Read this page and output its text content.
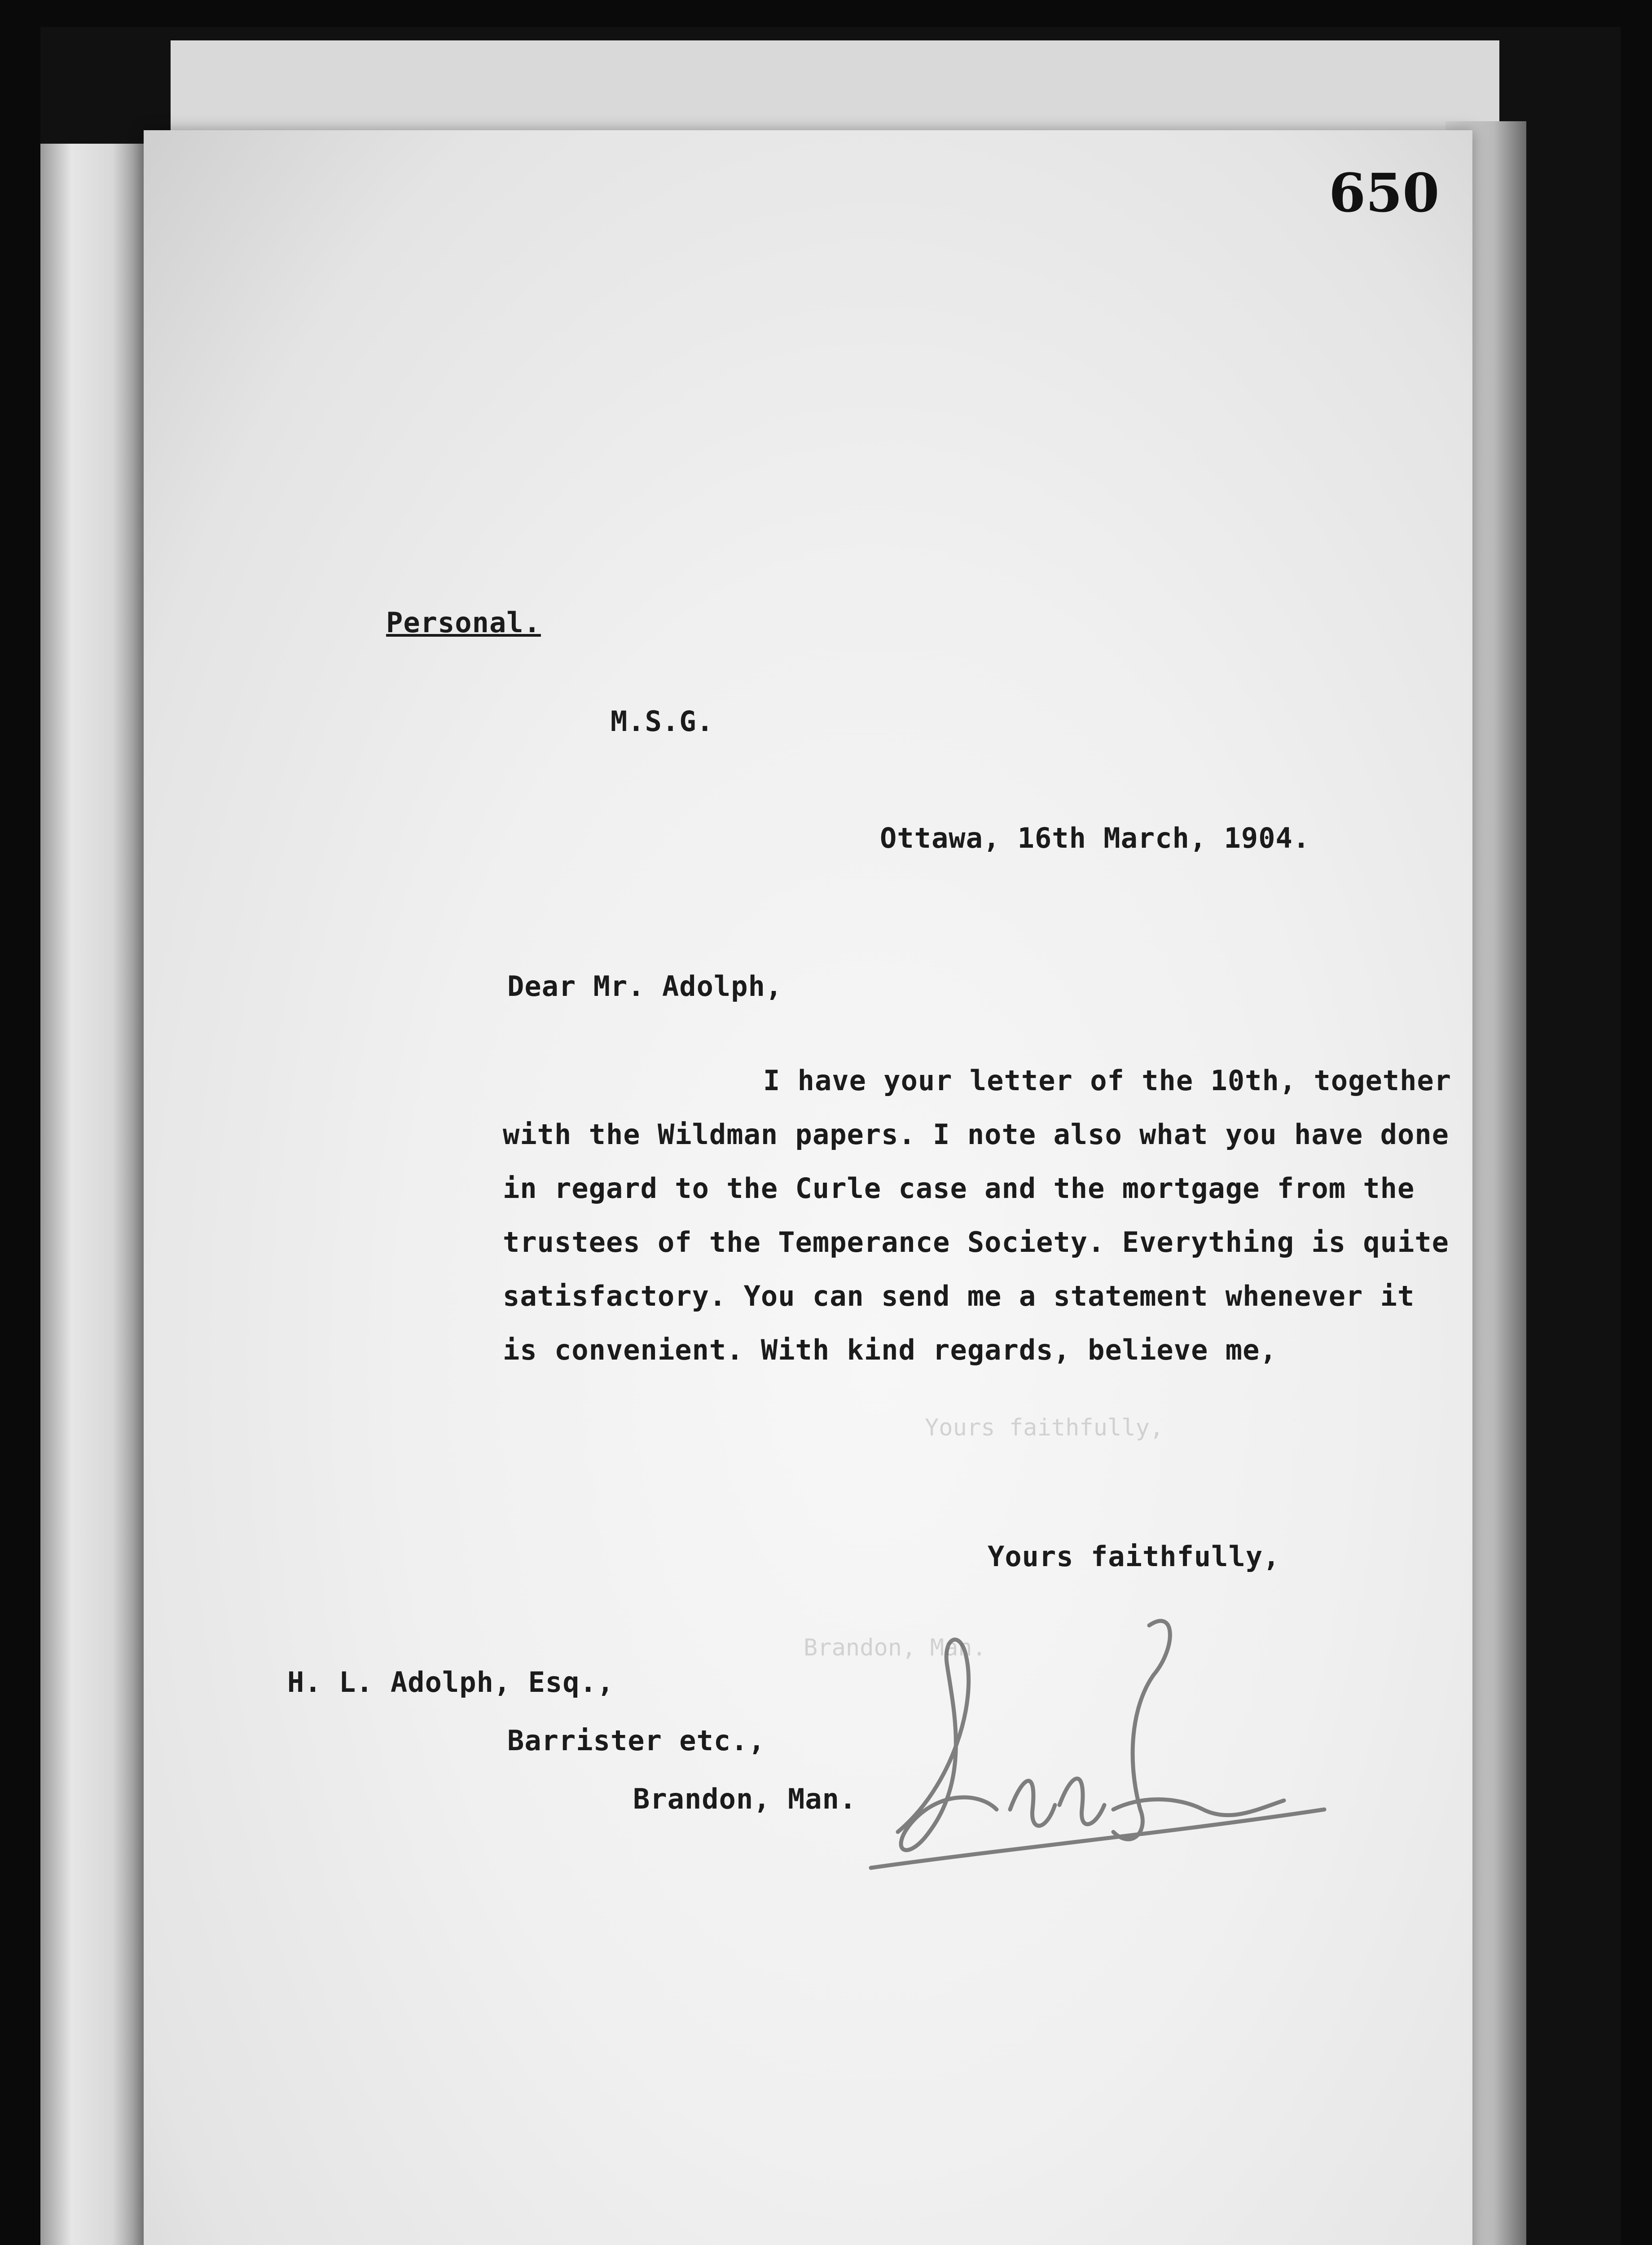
Yours faithfully,
Brandon, Man.
650
Personal.
M.S.G.
Ottawa, 16th March, 1904.
Dear Mr. Adolph,
I have your letter of the 10th, together
with the Wildman papers. I note also what you have done
in regard to the Curle case and the mortgage from the
trustees of the Temperance Society. Everything is quite
satisfactory. You can send me a statement whenever it
is convenient. With kind regards, believe me,
Yours faithfully,
H. L. Adolph, Esq.,
Barrister etc.,
Brandon, Man.
